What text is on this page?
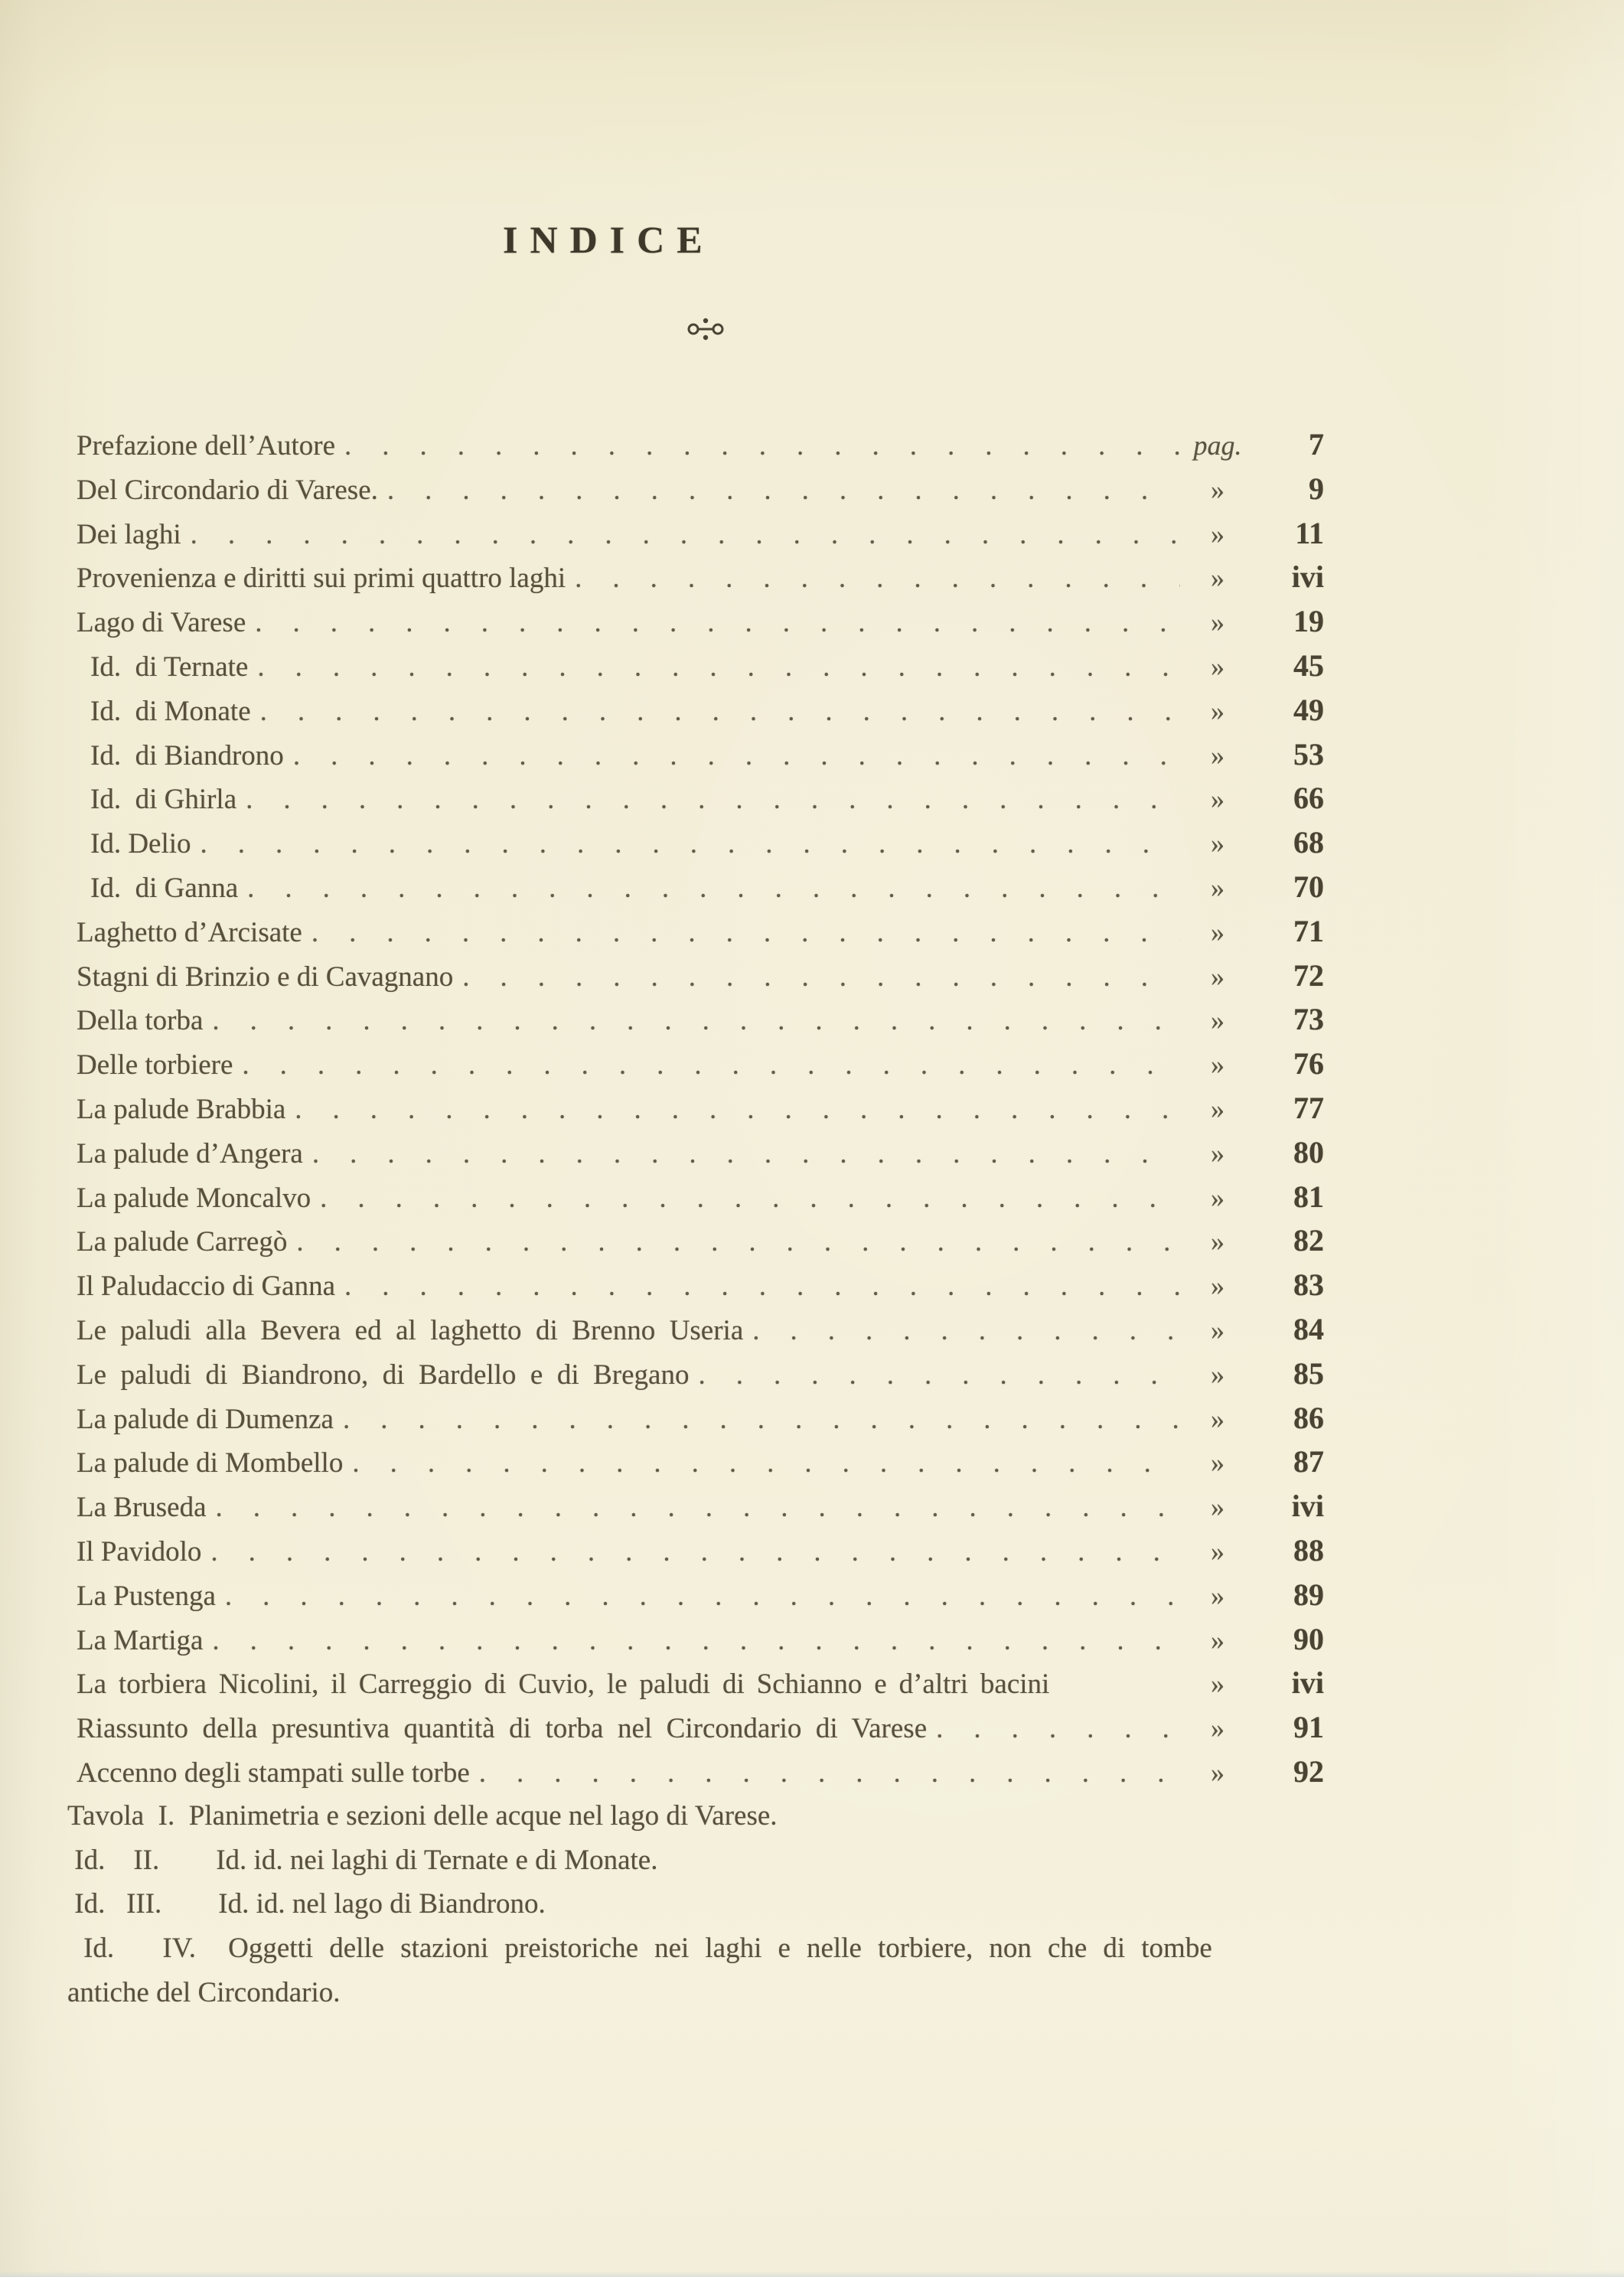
INDICE
Prefazione dell’Autore .....	pag.	7
Del Circondario di Varese. .....	»	9
Dei laghi .....	»	11
Provenienza e diritti sui primi quattro laghi .....	»	ivi
Lago di Varese .....	»	19
Id.  di Ternate .....	»	45
Id.  di Monate .....	»	49
Id.  di Biandrono .....	»	53
Id.  di Ghirla .....	»	66
Id. Delio .....	»	68
Id.  di Ganna .....	»	70
Laghetto d’Arcisate .....	»	71
Stagni di Brinzio e di Cavagnano .....	»	72
Della torba .....	»	73
Delle torbiere .....	»	76
La palude Brabbia .....	»	77
La palude d’Angera .....	»	80
La palude Moncalvo .....	»	81
La palude Carregò .....	»	82
Il Paludaccio di Ganna .....	»	83
Le  paludi  alla  Bevera  ed  al  laghetto  di  Brenno  Useria .....	»	84
Le  paludi  di  Biandrono,  di  Bardello  e  di  Bregano .....	»	85
La palude di Dumenza .....	»	86
La palude di Mombello .....	»	87
La Bruseda .....	»	ivi
Il Pavidolo .....	»	88
La Pustenga .....	»	89
La Martiga .....	»	90
La torbiera Nicolini, il Carreggio di Cuvio, le paludi di Schianno e d’altri bacini	»	ivi
Riassunto  della  presuntiva  quantità  di  torba  nel  Circondario  di  Varese .....	»	91
Accenno degli stampati sulle torbe .....	»	92
Tavola  I.  Planimetria e sezioni delle acque nel lago di Varese.
Id.    II.        Id. id. nei laghi di Ternate e di Monate.
Id.   III.        Id. id. nel lago di Biandrono.
Id.   IV.  Oggetti delle stazioni preistoriche nei laghi e nelle torbiere, non che di tombe
antiche del Circondario.
